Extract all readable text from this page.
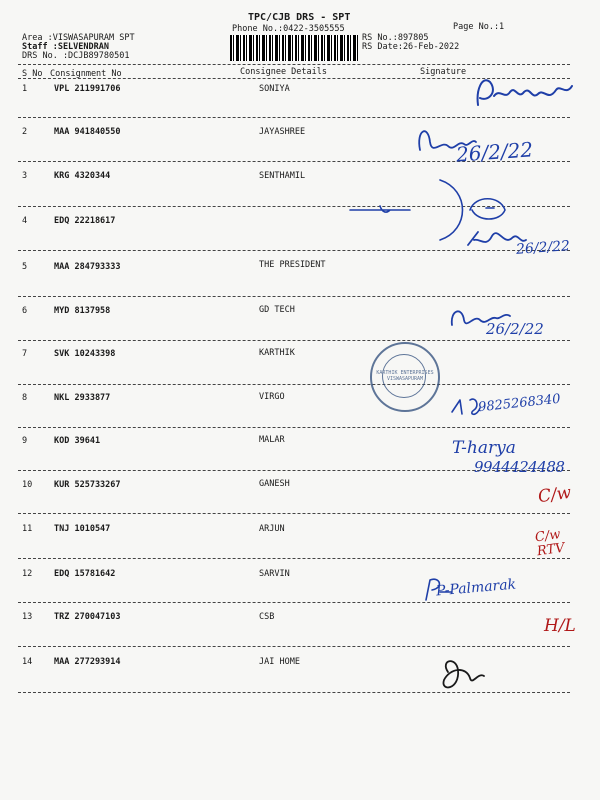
TPC/CJB DRS - SPT
Phone No.:0422-3505555	Page No.:1
Area :VISWASAPURAM SPT
Staff :SELVENDRAN
DRS No. :DCJB89780501
RS No.:897805
RS Date:26-Feb-2022
S No Consignment No	Consignee Details	Signature
1	VPL 211991706	SONIYA
2	MAA 941840550	JAYASHREE
3	KRG 4320344	SENTHAMIL
4	EDQ 22218617
5	MAA 284793333	THE PRESIDENT
6	MYD 8137958	GD TECH
7	SVK 10243398	KARTHIK
8	NKL 2933877	VIRGO
9	KOD 39641	MALAR
10	KUR 525733267	GANESH
11	TNJ 1010547	ARJUN
12	EDQ 15781642	SARVIN
13	TRZ 270047103	CSB
14	MAA 277293914	JAI HOME
26/2/22
26/2/22
26/2/22
9825268340
T-harya
9944424488
C/w
C/w RTV
P-Palmarak
H/L
KARTHIK ENTERPRISES VISWASAPURAM
